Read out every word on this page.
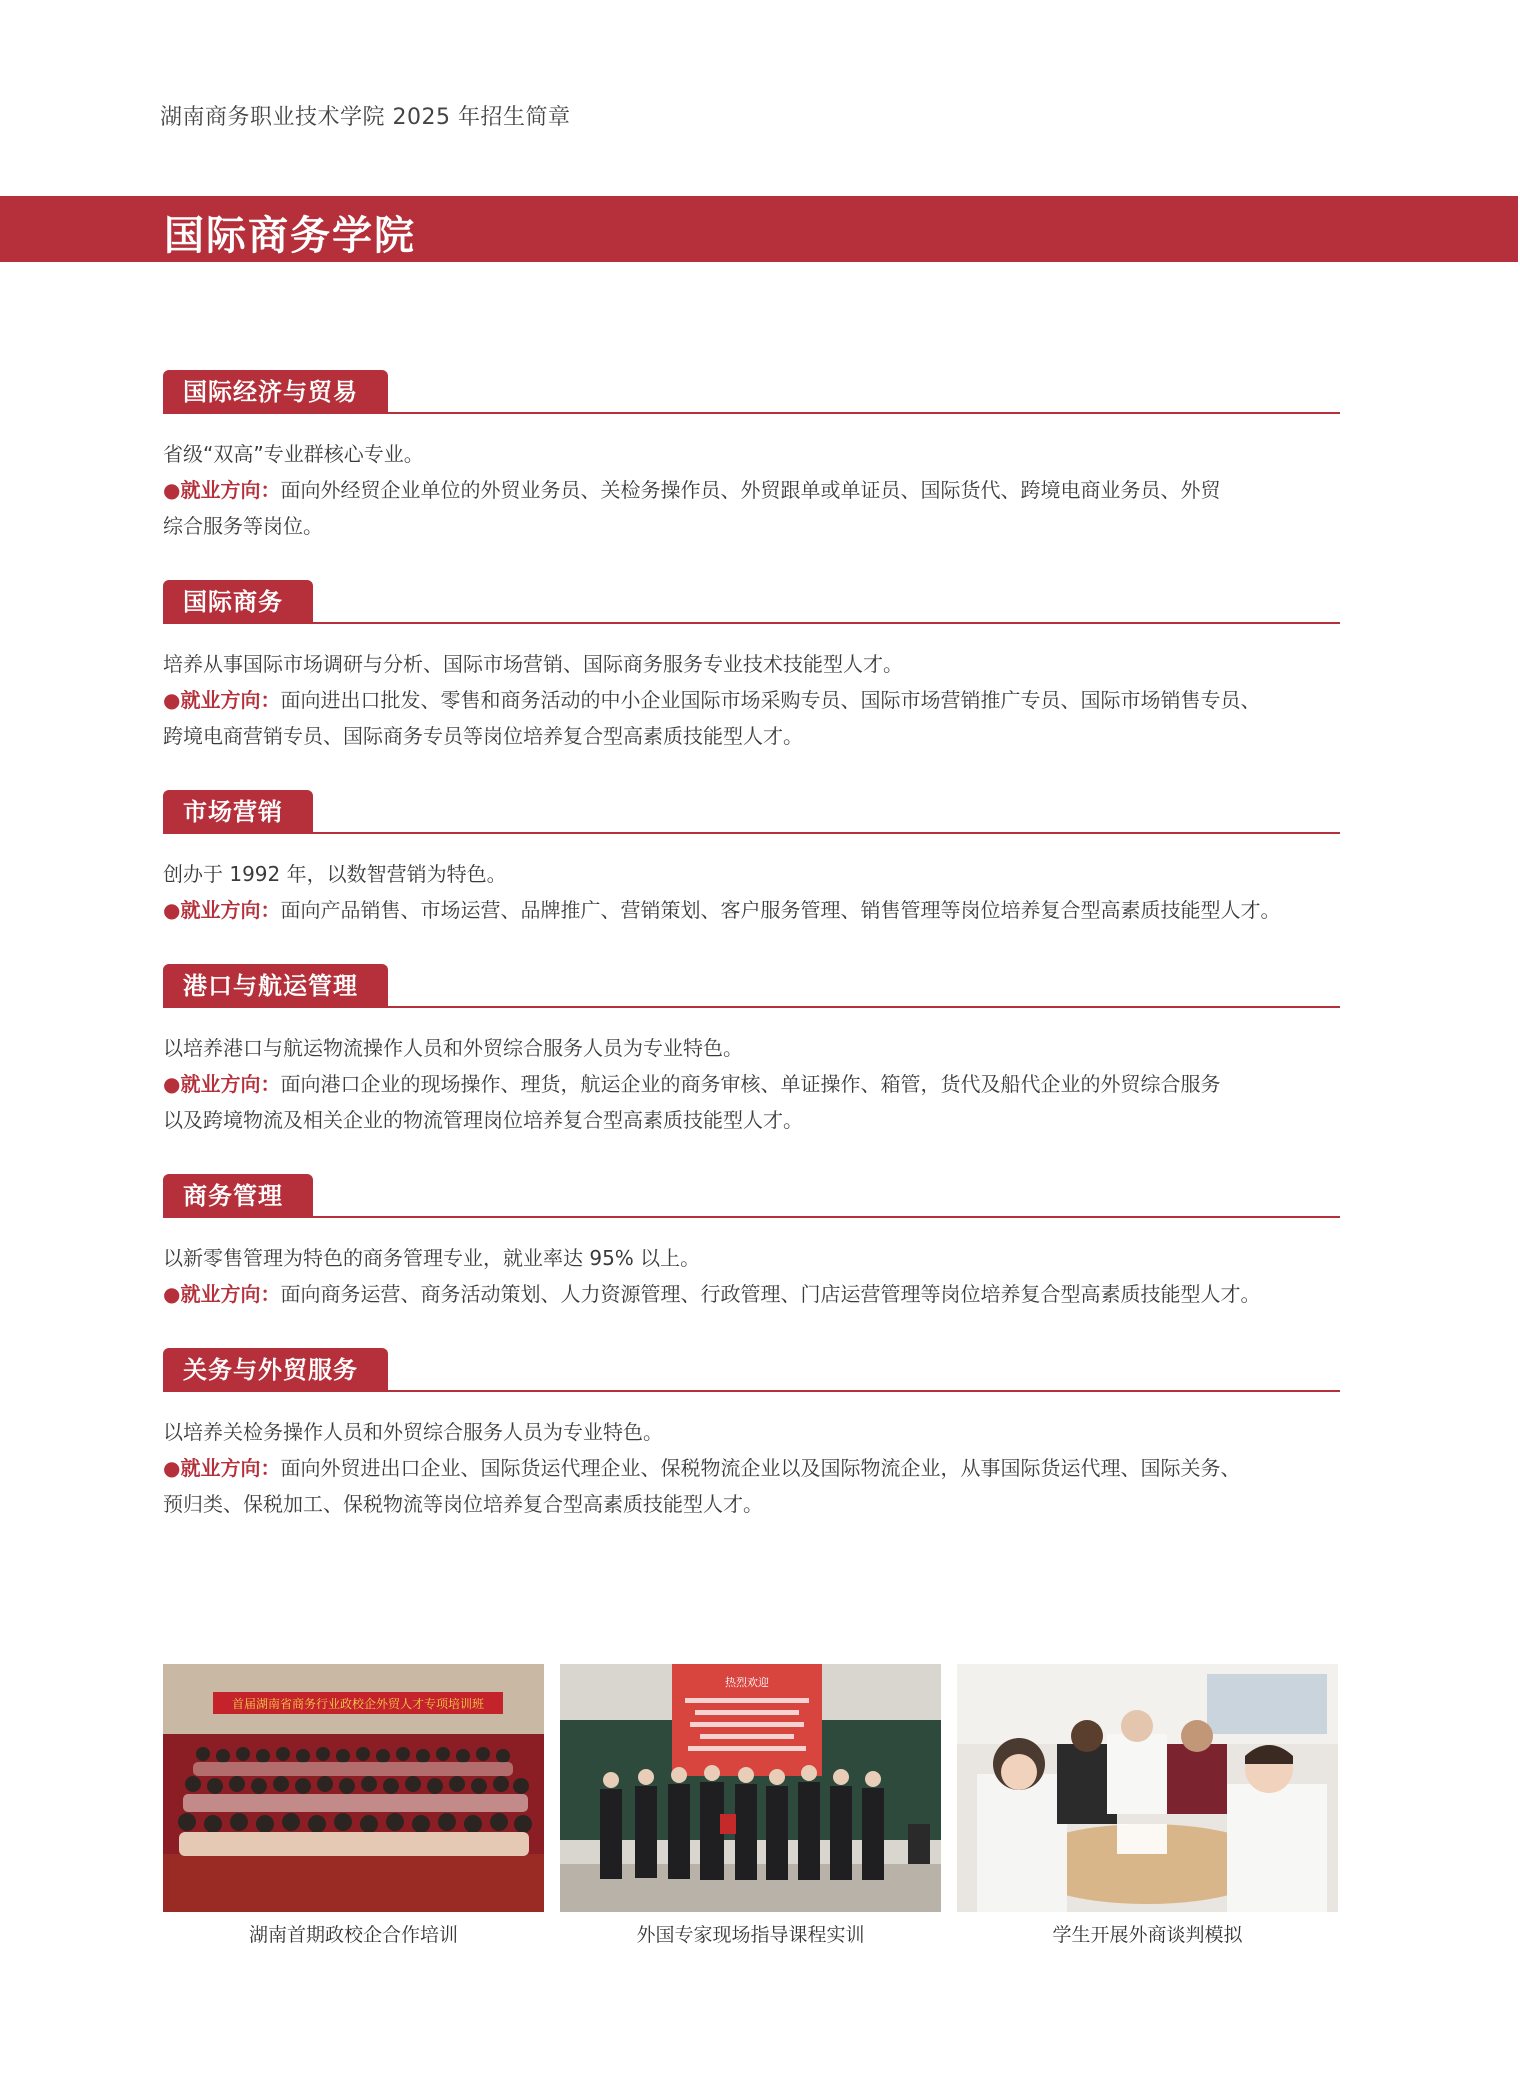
湖南商务职业技术学院 2025 年招生简章
国际商务学院
国际经济与贸易

省级“双高”专业群核心专业。

●就业方向：面向外经贸企业单位的外贸业务员、关检务操作员、外贸跟单或单证员、国际货代、跨境电商业务员、外贸

综合服务等岗位。

国际商务

培养从事国际市场调研与分析、国际市场营销、国际商务服务专业技术技能型人才。

●就业方向：面向进出口批发、零售和商务活动的中小企业国际市场采购专员、国际市场营销推广专员、国际市场销售专员、

跨境电商营销专员、国际商务专员等岗位培养复合型高素质技能型人才。

市场营销

创办于 1992 年，以数智营销为特色。

●就业方向：面向产品销售、市场运营、品牌推广、营销策划、客户服务管理、销售管理等岗位培养复合型高素质技能型人才。

港口与航运管理

以培养港口与航运物流操作人员和外贸综合服务人员为专业特色。

●就业方向：面向港口企业的现场操作、理货，航运企业的商务审核、单证操作、箱管，货代及船代企业的外贸综合服务

以及跨境物流及相关企业的物流管理岗位培养复合型高素质技能型人才。

商务管理

以新零售管理为特色的商务管理专业，就业率达 95% 以上。

●就业方向：面向商务运营、商务活动策划、人力资源管理、行政管理、门店运营管理等岗位培养复合型高素质技能型人才。

关务与外贸服务

以培养关检务操作人员和外贸综合服务人员为专业特色。

●就业方向：面向外贸进出口企业、国际货运代理企业、保税物流企业以及国际物流企业，从事国际货运代理、国际关务、

预归类、保税加工、保税物流等岗位培养复合型高素质技能型人才。

首届湖南省商务行业政校企外贸人才专项培训班
湖南首期政校企合作培训
热烈欢迎
外国专家现场指导课程实训	学生开展外商谈判模拟
